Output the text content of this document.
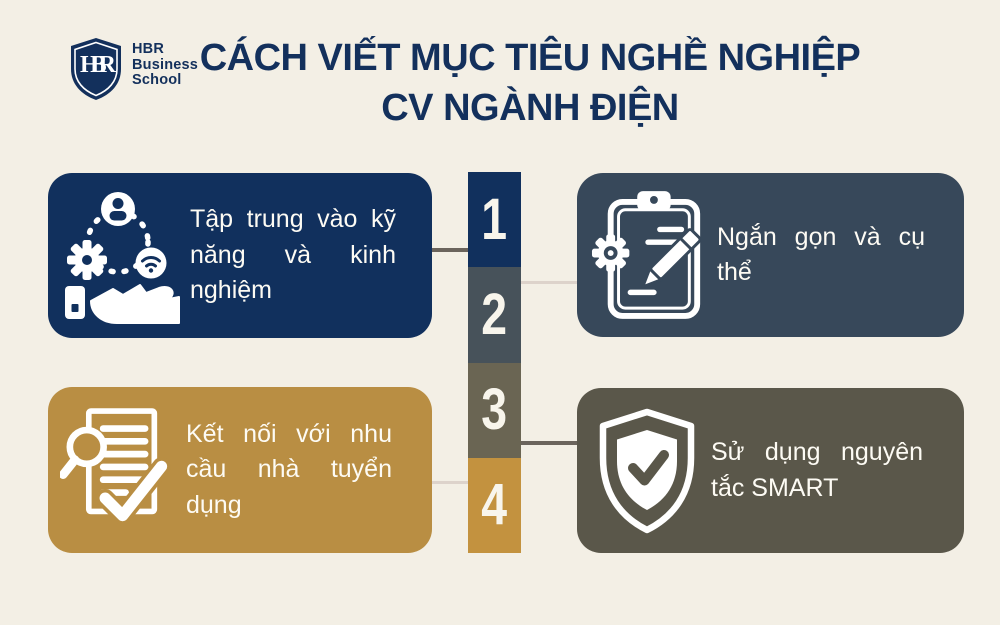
HBR
HBR
Business
School
CÁCH VIẾT MỤC TIÊU NGHỀ NGHIỆP
CV NGÀNH ĐIỆN
Tập trung vào kỹ năng và kinh nghiệm
Ngắn gọn và cụ thể
Kết nối với nhu cầu nhà tuyển dụng
Sử dụng nguyên tắc SMART
1
2
3
4
